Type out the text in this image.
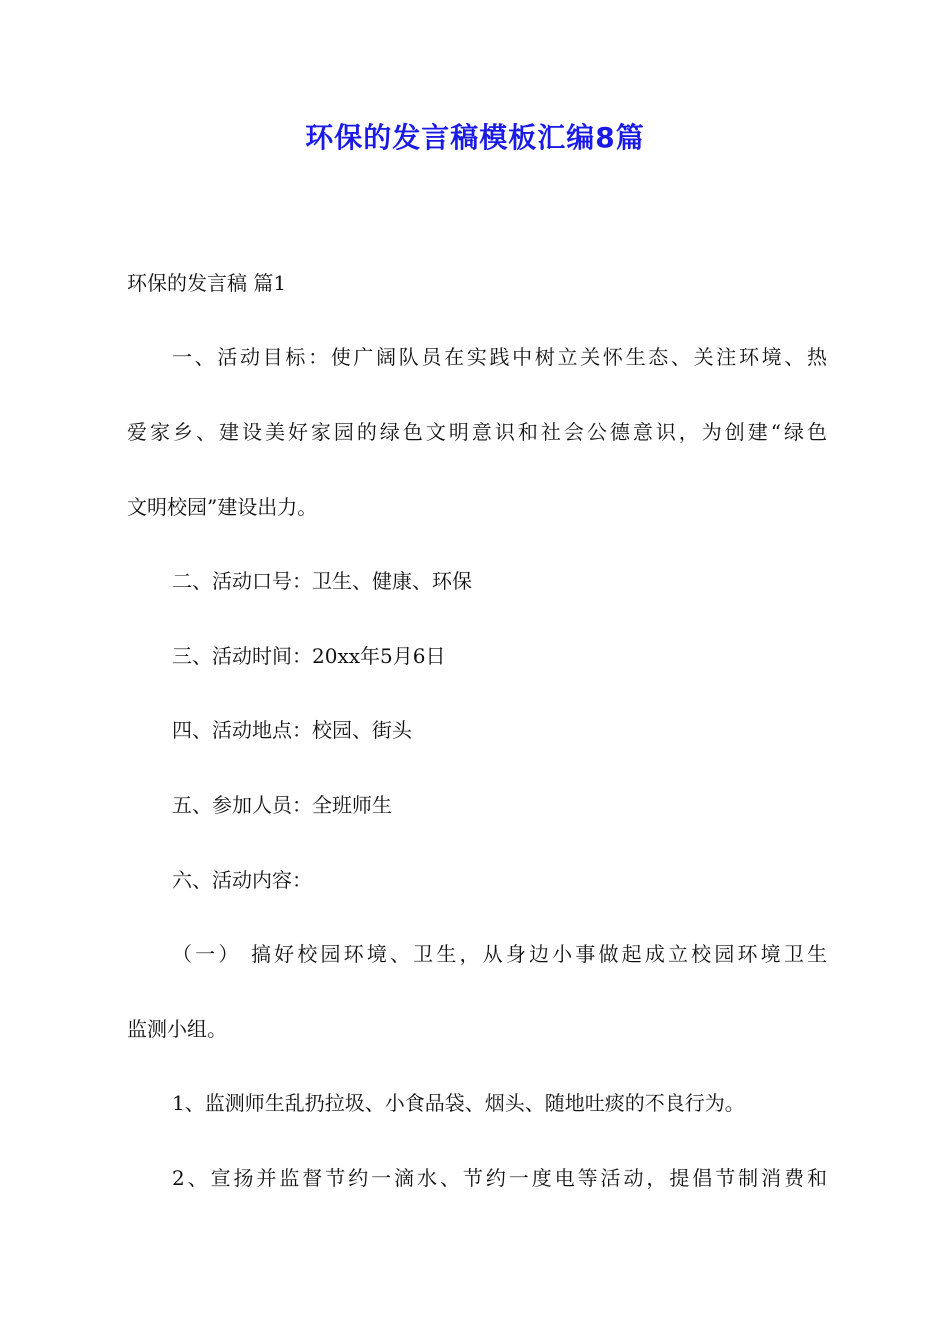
环保的发言稿模板汇编8篇
环保的发言稿 篇1
一、活动目标：使广阔队员在实践中树立关怀生态、关注环境、热
爱家乡、建设美好家园的绿色文明意识和社会公德意识，为创建“绿色
文明校园”建设出力。
二、活动口号：卫生、健康、环保
三、活动时间：20xx年5月6日
四、活动地点：校园、街头
五、参加人员：全班师生
六、活动内容：
（一） 搞好校园环境、卫生，从身边小事做起成立校园环境卫生
监测小组。
1、监测师生乱扔拉圾、小食品袋、烟头、随地吐痰的不良行为。
2、宣扬并监督节约一滴水、节约一度电等活动，提倡节制消费和
